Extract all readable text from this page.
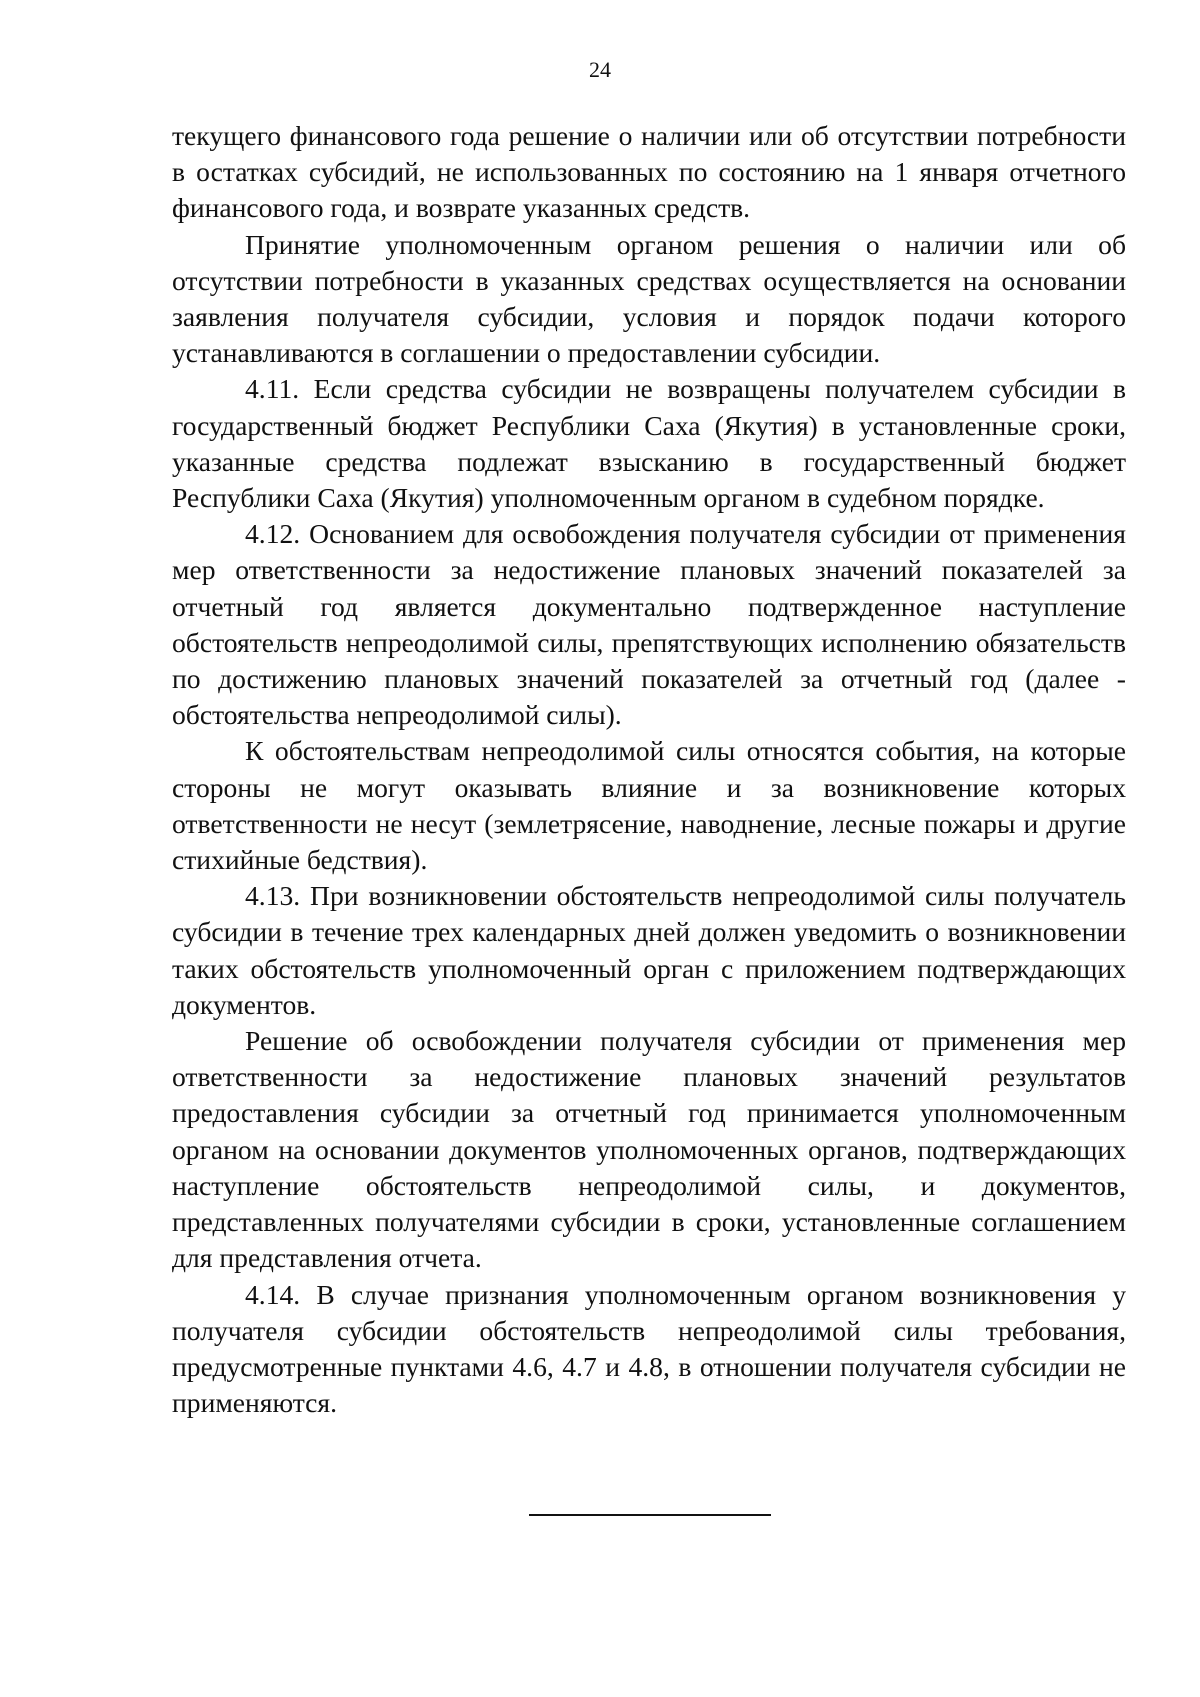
24

текущего финансового года решение о наличии или об отсутствии потребности в остатках субсидий, не использованных по состоянию на 1 января отчетного финансового года, и возврате указанных средств.

Принятие уполномоченным органом решения о наличии или об отсутствии потребности в указанных средствах осуществляется на основании заявления получателя субсидии, условия и порядок подачи которого устанавливаются в соглашении о предоставлении субсидии.

4.11. Если средства субсидии не возвращены получателем субсидии в государственный бюджет Республики Саха (Якутия) в установленные сроки, указанные средства подлежат взысканию в государственный бюджет Республики Саха (Якутия) уполномоченным органом в судебном порядке.

4.12. Основанием для освобождения получателя субсидии от применения мер ответственности за недостижение плановых значений показателей за отчетный год является документально подтвержденное наступление обстоятельств непреодолимой силы, препятствующих исполнению обязательств по достижению плановых значений показателей за отчетный год (далее - обстоятельства непреодолимой силы).

К обстоятельствам непреодолимой силы относятся события, на которые стороны не могут оказывать влияние и за возникновение которых ответственности не несут (землетрясение, наводнение, лесные пожары и другие стихийные бедствия).

4.13. При возникновении обстоятельств непреодолимой силы получатель субсидии в течение трех календарных дней должен уведомить о возникновении таких обстоятельств уполномоченный орган с приложением подтверждающих документов.

Решение об освобождении получателя субсидии от применения мер ответственности за недостижение плановых значений результатов предоставления субсидии за отчетный год принимается уполномоченным органом на основании документов уполномоченных органов, подтверждающих наступление обстоятельств непреодолимой силы, и документов, представленных получателями субсидии в сроки, установленные соглашением для представления отчета.

4.14. В случае признания уполномоченным органом возникновения у получателя субсидии обстоятельств непреодолимой силы требования, предусмотренные пунктами 4.6, 4.7 и 4.8, в отношении получателя субсидии не применяются.
